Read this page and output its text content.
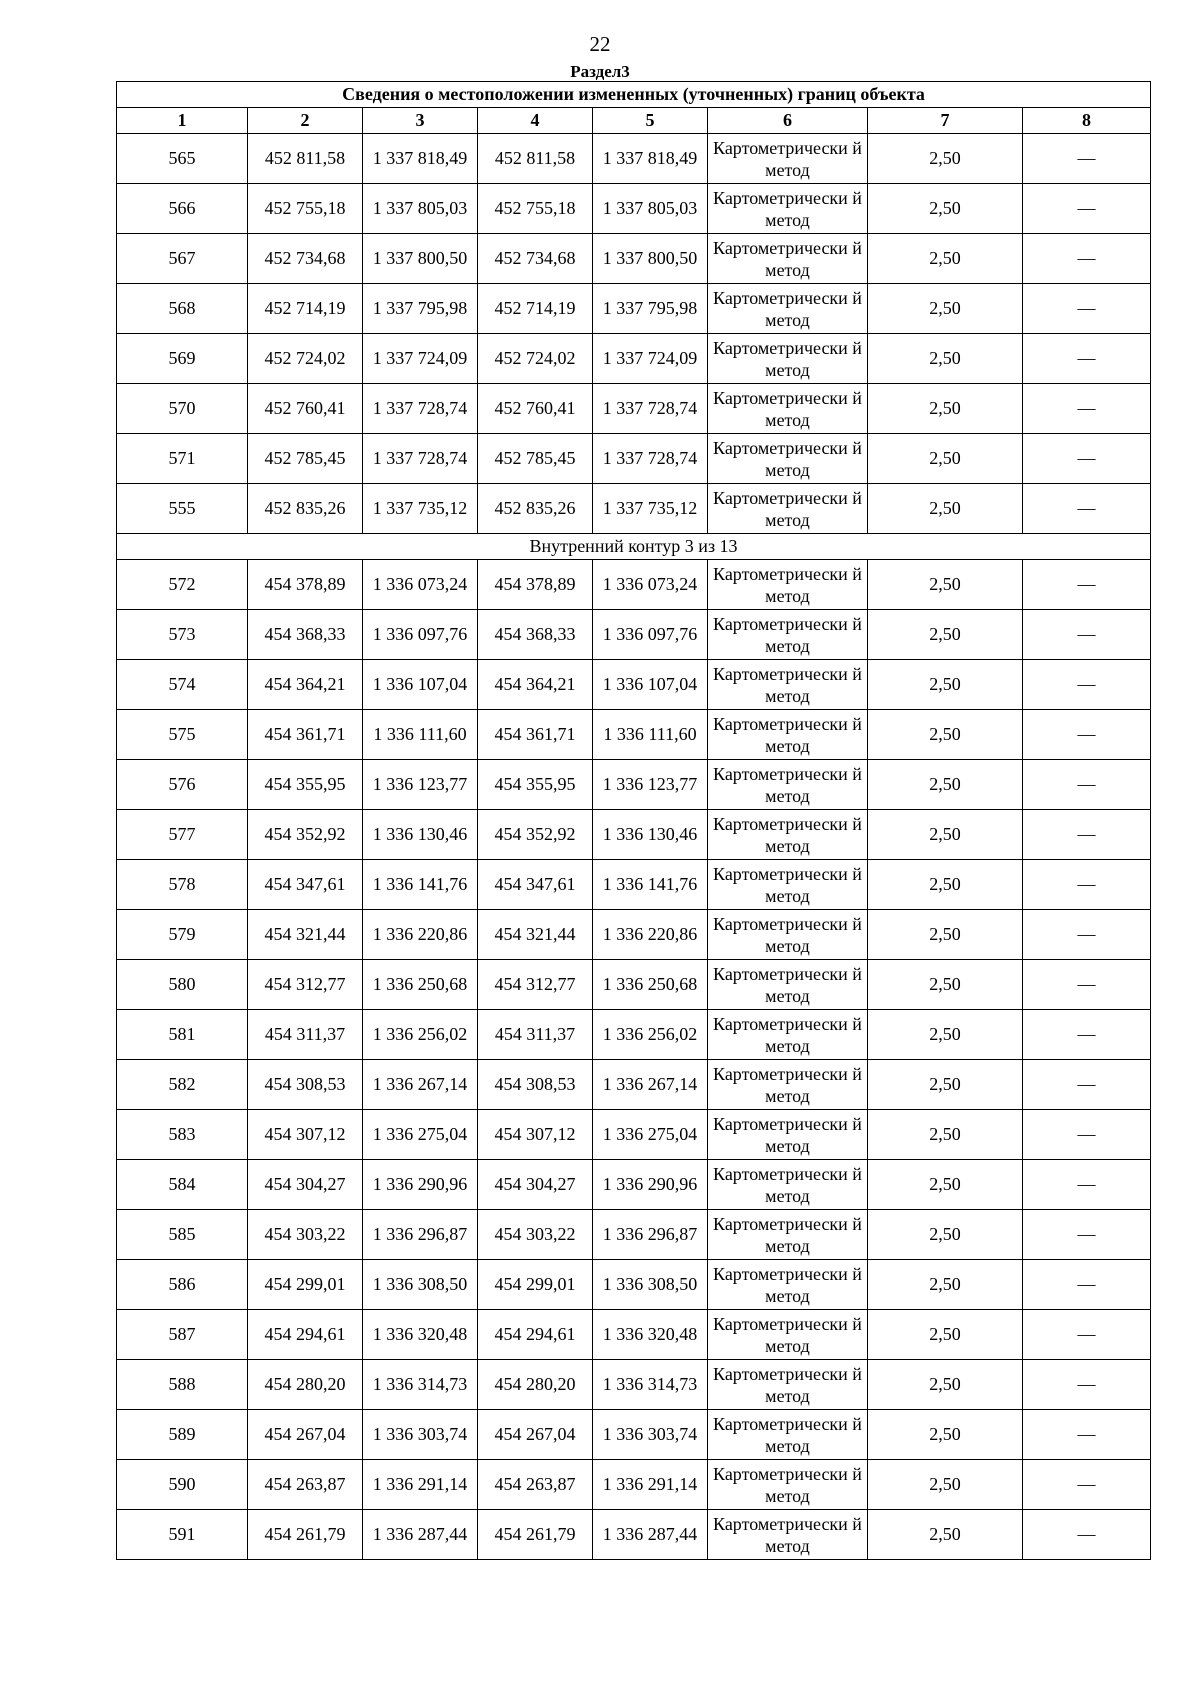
22
Раздел3
Сведения о местоположении измененных (уточненных) границ объекта							
1	2	3	4	5	6	7	8
565	452 811,58	1 337 818,49	452 811,58	1 337 818,49	Картометрически й метод	2,50	—
566	452 755,18	1 337 805,03	452 755,18	1 337 805,03	Картометрически й метод	2,50	—
567	452 734,68	1 337 800,50	452 734,68	1 337 800,50	Картометрически й метод	2,50	—
568	452 714,19	1 337 795,98	452 714,19	1 337 795,98	Картометрически й метод	2,50	—
569	452 724,02	1 337 724,09	452 724,02	1 337 724,09	Картометрически й метод	2,50	—
570	452 760,41	1 337 728,74	452 760,41	1 337 728,74	Картометрически й метод	2,50	—
571	452 785,45	1 337 728,74	452 785,45	1 337 728,74	Картометрически й метод	2,50	—
555	452 835,26	1 337 735,12	452 835,26	1 337 735,12	Картометрически й метод	2,50	—
Внутренний контур 3 из 13							
572	454 378,89	1 336 073,24	454 378,89	1 336 073,24	Картометрически й метод	2,50	—
573	454 368,33	1 336 097,76	454 368,33	1 336 097,76	Картометрически й метод	2,50	—
574	454 364,21	1 336 107,04	454 364,21	1 336 107,04	Картометрически й метод	2,50	—
575	454 361,71	1 336 111,60	454 361,71	1 336 111,60	Картометрически й метод	2,50	—
576	454 355,95	1 336 123,77	454 355,95	1 336 123,77	Картометрически й метод	2,50	—
577	454 352,92	1 336 130,46	454 352,92	1 336 130,46	Картометрически й метод	2,50	—
578	454 347,61	1 336 141,76	454 347,61	1 336 141,76	Картометрически й метод	2,50	—
579	454 321,44	1 336 220,86	454 321,44	1 336 220,86	Картометрически й метод	2,50	—
580	454 312,77	1 336 250,68	454 312,77	1 336 250,68	Картометрически й метод	2,50	—
581	454 311,37	1 336 256,02	454 311,37	1 336 256,02	Картометрически й метод	2,50	—
582	454 308,53	1 336 267,14	454 308,53	1 336 267,14	Картометрически й метод	2,50	—
583	454 307,12	1 336 275,04	454 307,12	1 336 275,04	Картометрически й метод	2,50	—
584	454 304,27	1 336 290,96	454 304,27	1 336 290,96	Картометрически й метод	2,50	—
585	454 303,22	1 336 296,87	454 303,22	1 336 296,87	Картометрически й метод	2,50	—
586	454 299,01	1 336 308,50	454 299,01	1 336 308,50	Картометрически й метод	2,50	—
587	454 294,61	1 336 320,48	454 294,61	1 336 320,48	Картометрически й метод	2,50	—
588	454 280,20	1 336 314,73	454 280,20	1 336 314,73	Картометрически й метод	2,50	—
589	454 267,04	1 336 303,74	454 267,04	1 336 303,74	Картометрически й метод	2,50	—
590	454 263,87	1 336 291,14	454 263,87	1 336 291,14	Картометрически й метод	2,50	—
591	454 261,79	1 336 287,44	454 261,79	1 336 287,44	Картометрически й метод	2,50	—
